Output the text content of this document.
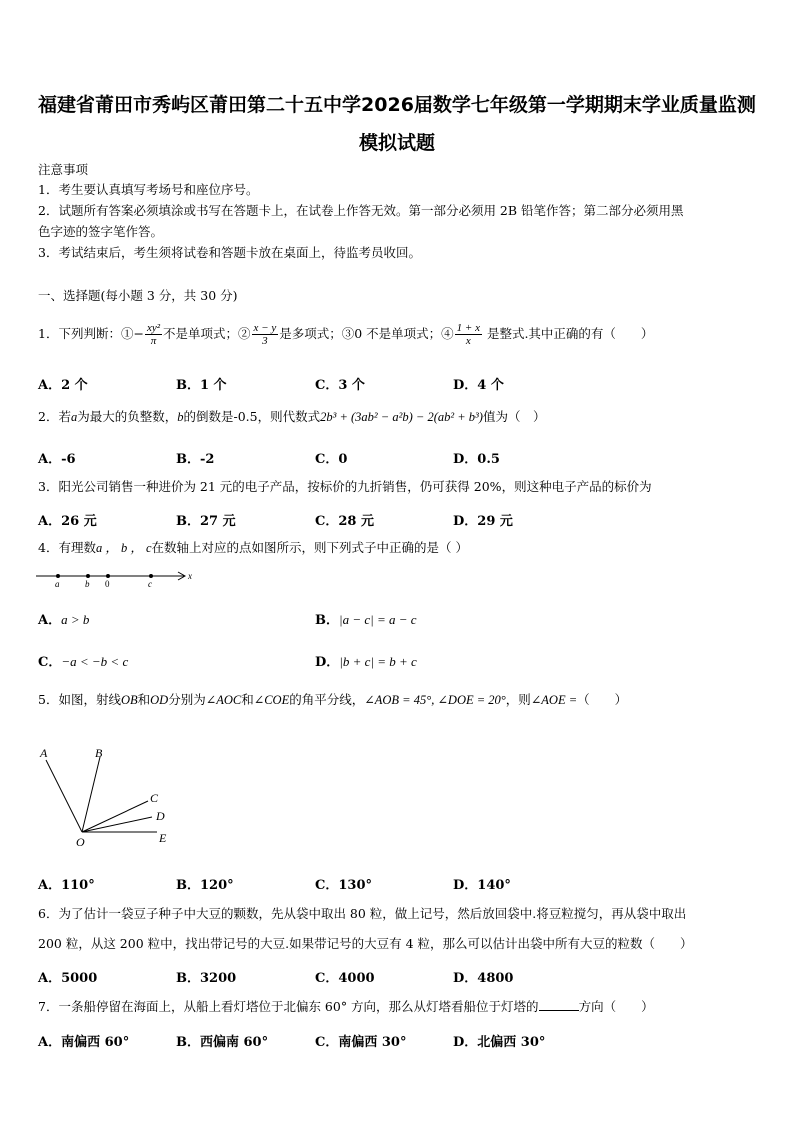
福建省莆田市秀屿区莆田第二十五中学2026届数学七年级第一学期期末学业质量监测
模拟试题
注意事项
1．考生要认真填写考场号和座位序号。
2．试题所有答案必须填涂或书写在答题卡上，在试卷上作答无效。第一部分必须用 2B 铅笔作答；第二部分必须用黑
色字迹的签字笔作答。
3．考试结束后，考生须将试卷和答题卡放在桌面上，待监考员收回。
一、选择题(每小题 3 分，共 30 分)
1．下列判断：①− $\frac{\text{xy²}}{\pi}$ 不是单项式；② $\frac{x - y}{3}$ 是多项式；③0 不是单项式；④ $\frac{1 + x}{x}$ 是整式.其中正确的有（　　）
A．2 个	B．1 个	C．3 个	D．4 个
2．若a为最大的负整数，b的倒数是-0.5，则代数式2b³ + (3ab² − a²b) − 2(ab² + b³)值为（　）
A．-6	B．-2	C．0	D．0.5
3．阳光公司销售一种进价为 21 元的电子产品，按标价的九折销售，仍可获得 20%，则这种电子产品的标价为
A．26 元	B．27 元	C．28 元	D．29 元
4．有理数a ， b ， c在数轴上对应的点如图所示，则下列式子中正确的是（ ）
a	b 0	c
x
A．a > b	B．|a − c| = a − c
C．−a < −b < c	D．|b + c| = b + c
5．如图，射线OB和OD分别为∠AOC和∠COE的角平分线，∠AOB = 45°, ∠DOE = 20°，则∠AOE =（　　）
A	B
C
D
E
O
A．110°	B．120°	C．130°	D．140°
6．为了估计一袋豆子种子中大豆的颗数，先从袋中取出 80 粒，做上记号，然后放回袋中.将豆粒搅匀，再从袋中取出
200 粒，从这 200 粒中，找出带记号的大豆.如果带记号的大豆有 4 粒，那么可以估计出袋中所有大豆的粒数（　　）
A．5000	B．3200	C．4000	D．4800
7．一条船停留在海面上，从船上看灯塔位于北偏东 60° 方向，那么从灯塔看船位于灯塔的	方向（　　）
A．南偏西 60°	B．西偏南 60°	C．南偏西 30°	D．北偏西 30°
